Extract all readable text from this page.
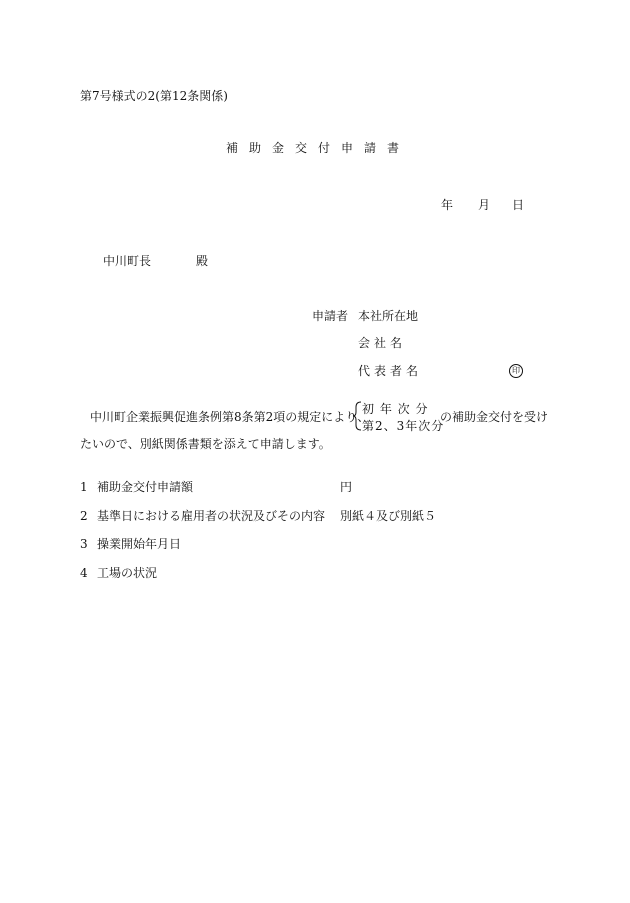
第7号様式の2(第12条関係)
補助金交付申請書
年 月 日
中川町長	殿
申請者 本社所在地
会社名
代表者名	印
中川町企業振興促進条例第8条第2項の規定により、
初 年 次 分
第2、3年次分
の補助金交付を受け
たいので、別紙関係書類を添えて申請します。
1 補助金交付申請額	円
2 基準日における雇用者の状況及びその内容 別紙４及び別紙５
3 操業開始年月日
4 工場の状況
